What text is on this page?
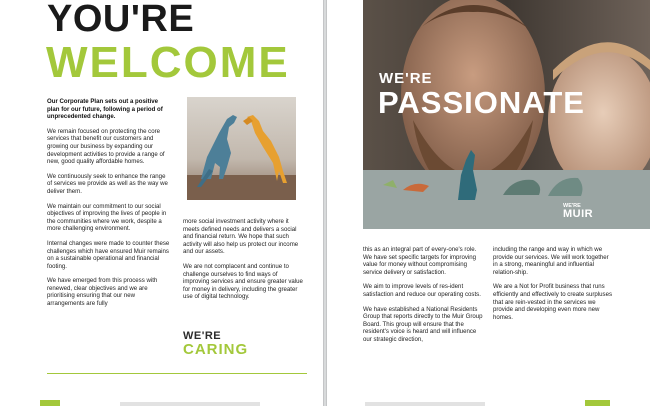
YOU'RE
WELCOME

Our Corporate Plan sets out a positive plan for our future, following a period of unprecedented change.

We remain focused on protecting the core services that benefit our customers and growing our business by expanding our development activities to provide a range of new, good quality affordable homes.

We continuously seek to enhance the range of services we provide as well as the way we deliver them.

We maintain our commitment to our social objectives of improving the lives of people in the communities where we work, despite a more challenging environment.

Internal changes were made to counter these challenges which have ensured Muir remains on a sustainable operational and financial footing.

We have emerged from this process with renewed, clear objectives and we are prioritising ensuring that our new arrangements are fully

more social investment activity where it meets defined needs and delivers a social and financial return. We hope that such activity will also help us protect our income and our assets.

We are not complacent and continue to challenge ourselves to find ways of improving services and ensure greater value for money in delivery, including the greater use of digital technology.

WE'RE
CARING
WE'RE
PASSIONATE
WE'RE
MUIR

this as an integral part of every-one's role. We have set specific targets for improving value for money without compromising service delivery or satisfaction.

We aim to improve levels of res-ident satisfaction and reduce our operating costs.

We have established a National Residents Group that reports directly to the Muir Group Board. This group will ensure that the resident's voice is heard and will influence our strategic direction,

including the range and way in which we provide our services. We will work together in a strong, meaningful and influential relation-ship.

We are a Not for Profit business that runs efficiently and effectively to create surpluses that are rein-vested in the services we provide and developing even more new homes.
